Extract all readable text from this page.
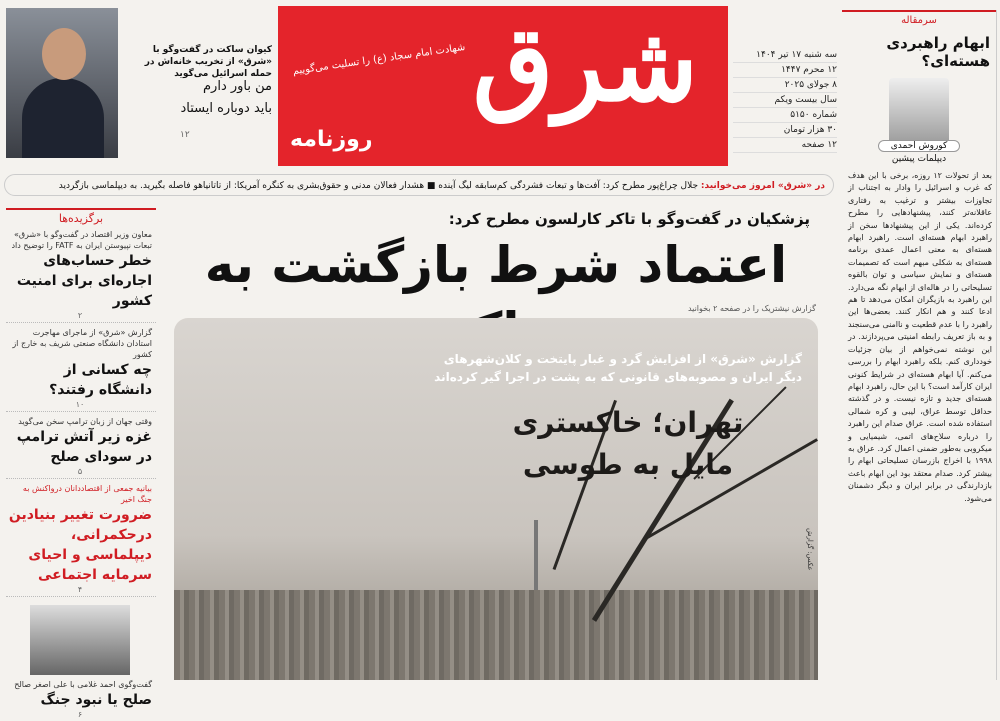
شرق
روزنامه
شهادت امام سجاد (ع) را تسلیت می‌گوییم	سه شنبه ۱۷ تیر ۱۴۰۴
۱۲ محرم ۱۴۴۷
۸ جولای ۲۰۲۵
سال بیست ویکم
شماره ۵۱۵۰
۳۰ هزار تومان
۱۲ صفحه
کیوان ساکت در گفت‌وگو با «شرق» از تخریب خانه‌اش در حمله اسرائیل می‌گوید
من باور دارم
باید دوباره ایستاد
۱۲
در «شرق» امروز می‌خوانید: جلال چراغ‌پور مطرح کرد: آفت‌ها و تبعات فشردگی کم‌سابقه لیگ آینده ■ هشدار فعالان مدنی و حقوق‌بشری به کنگره آمریکا: از تاتانیاهو فاصله بگیرید. به دیپلماسی بازگردید
برگزیده‌ها
معاون وزیر اقتصاد در گفت‌وگو با «شرق» تبعات نپیوستن ایران به FATF را توضیح داد
خطر حساب‌های اجاره‌ای برای امنیت کشور
۲
گزارش «شرق» از ماجرای مهاجرت استادان دانشگاه صنعتی شریف به خارج از کشور
چه کسانی از دانشگاه رفتند؟
۱۰
وقتی جهان از زبان ترامپ سخن می‌گوید
غزه زیر آتش ترامپ در سودای صلح
۵
بیانیه جمعی از اقتصاددانان درواکنش به جنگ اخیر
ضرورت تغییر بنیادین درحکمرانی، دیپلماسی و احیای سرمایه اجتماعی
۴
گفت‌وگوی احمد غلامی با علی اصغر صالح
صلح یا نبود جنگ
۶
پزشکیان در گفت‌وگو با تاکر کارلسون مطرح کرد:
اعتماد شرط بازگشت به
گزارش نیشتریک را در صفحه ۲ بخوانید
گزارش «شرق» از افزایش گرد و غبار پایتخت و کلان‌شهرهای دیگر ایران و مصوبه‌های قانونی که به‌ پشت در اجرا گیر کرده‌اند
تهران؛ خاکستری مایل به طوسی
عکس: گزارش
سرمقاله
ابهام راهبردی هسته‌ای؟
کوروش احمدی
دیپلمات پیشین
بعد از تحولات ۱۲ روزه، برخی با این هدف که غرب و اسرائیل را وادار به اجتناب از تجاوزات بیشتر و ترغیب به رفتاری عاقلانه‌تر کنند، پیشنهادهایی را مطرح کرده‌اند. یکی از این پیشنهادها سخن از راهبرد ابهام هسته‌ای است. راهبرد ابهام هسته‌ای به معنی اعمال عمدی برنامه هسته‌ای به شکلی مبهم است که تصمیمات هسته‌ای و نمایش سیاسی و توان بالقوه تسلیحاتی را در هاله‌ای از ابهام نگه می‌دارد. این راهبرد به بازیگران امکان می‌دهد تا هم ادعا کنند و هم انکار کنند. بعضی‌ها این راهبرد را با عدم قطعیت و ناامنی می‌سنجند و به باز تعریف رابطه امنیتی می‌پردازند. در این نوشته نمی‌خواهم از بیان جزئیات خودداری کنم. بلکه راهبرد ابهام را بررسی می‌کنم. آیا ابهام هسته‌ای در شرایط کنونی ایران کارآمد است؟ با این حال، راهبرد ابهام هسته‌ای جدید و تازه نیست. و در گذشته حداقل توسط عراق، لیبی و کره شمالی استفاده شده است. عراق صدام این راهبرد را درباره سلاح‌های اتمی، شیمیایی و میکروبی به‌طور ضمنی اعمال کرد. عراق به ۱۹۹۸ با اخراج بازرسان تسلیحاتی ابهام را بیشتر کرد. صدام معتقد بود این ابهام باعث بازدارندگی در برابر ایران و دیگر دشمنان می‌شود.
